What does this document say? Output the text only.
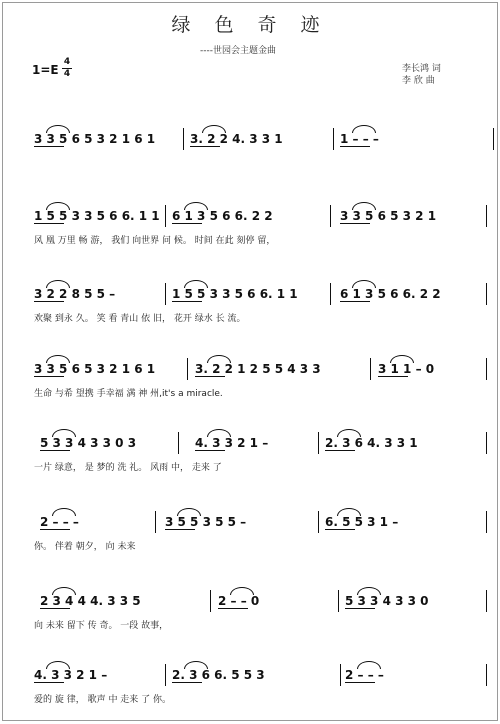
绿 色 奇 迹
----世园会主题金曲
1=E
4
4	李长鸿 词
李 欣 曲
3 3 5 6 5 3 2 1 6 1	3. 2 2 4. 3 3 1	1 – – –
1 5 5 3 3 5 6 6. 1 1 6 1 3 5 6 6. 2 2	3 3 5 6 5 3 2 1
风 凰 万里 畅 游， 我们 向世界 问 候。 时间 在此 刻停 留，
3 2 2 8 5 5 –	1 5 5 3 3 5 6 6. 1 1	6 1 3 5 6 6. 2 2
欢聚 到永 久。 笑 看 青山 依 旧， 花开 绿水 长 流。
3 3 5 6 5 3 2 1 6 1	3. 2 2 1 2 5 5 4 3 3	3 1 1 – 0
生命 与希 望携 手幸福 满 神 州,it's a miracle.
5 3 3 4 3 3 0 3	4. 3 3 2 1 –	2. 3 6 4. 3 3 1
一片 绿意， 是 梦的 洗 礼。 风雨 中， 走来 了
2 – – –	3 5 5 3 5 5 –	6. 5 5 3 1 –
你。 伴着 朝夕， 向 未来
2 3 4 4 4. 3 3 5	2 – – 0	5 3 3 4 3 3 0
向 未来 留下 传 奇。 一段 故事，
4. 3 3 2 1 –	2. 3 6 6. 5 5 3	2 – – –
爱的 旋 律， 歌声 中 走来 了 你。
